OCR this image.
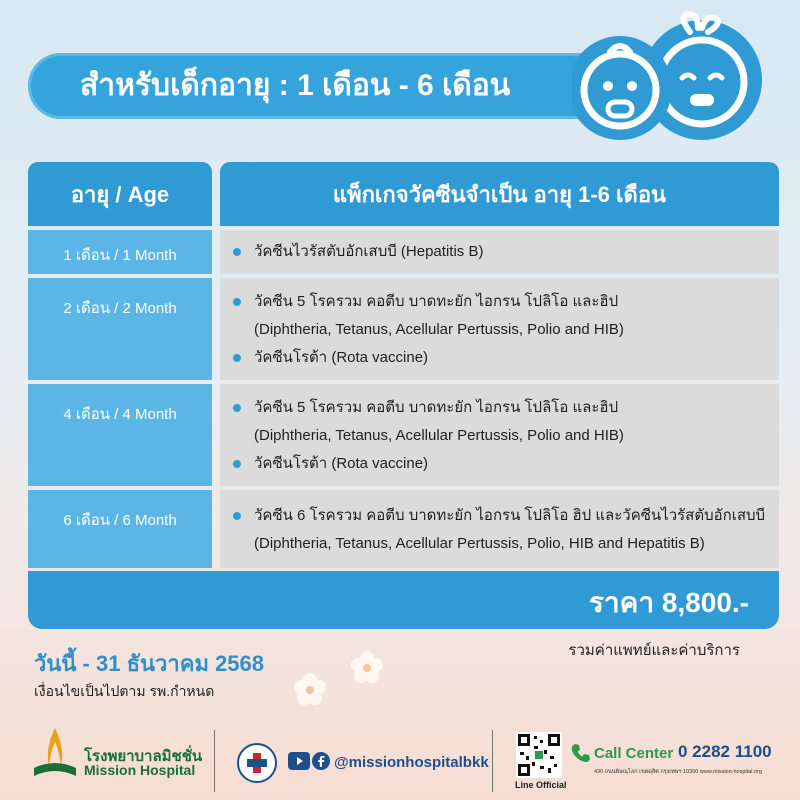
สำหรับเด็กอายุ : 1 เดือน - 6 เดือน
อายุ / Age	แพ็กเกจวัคซีนจำเป็น อายุ 1-6 เดือน
1 เดือน / 1 Month	วัคซีนไวรัสตับอักเสบบี (Hepatitis B)
2 เดือน / 2 Month	วัคซีน 5 โรครวม คอตีบ บาดทะยัก ไอกรน โปลิโอ และฮิป
(Diphtheria, Tetanus, Acellular Pertussis, Polio and HIB)
วัคซีนโรต้า (Rota vaccine)
4 เดือน / 4 Month	วัคซีน 5 โรครวม คอตีบ บาดทะยัก ไอกรน โปลิโอ และฮิป
(Diphtheria, Tetanus, Acellular Pertussis, Polio and HIB)
วัคซีนโรต้า (Rota vaccine)
6 เดือน / 6 Month	วัคซีน 6 โรครวม คอตีบ บาดทะยัก ไอกรน โปลิโอ ฮิป และวัคซีนไวรัสตับอักเสบบี
(Diphtheria, Tetanus, Acellular Pertussis, Polio, HIB and Hepatitis B)
ราคา 8,800.-
รวมค่าแพทย์และค่าบริการ
วันนี้ - 31 ธันวาคม 2568
เงื่อนไขเป็นไปตาม รพ.กำหนด
โรงพยาบาลมิชชั่น
Mission Hospital	@missionhospitalbkk
Line Official
Call Center 0 2282 1100
430 ถนนพิษณุโลก เขตดุสิต กรุงเทพฯ 10300 www.mission-hospital.org
